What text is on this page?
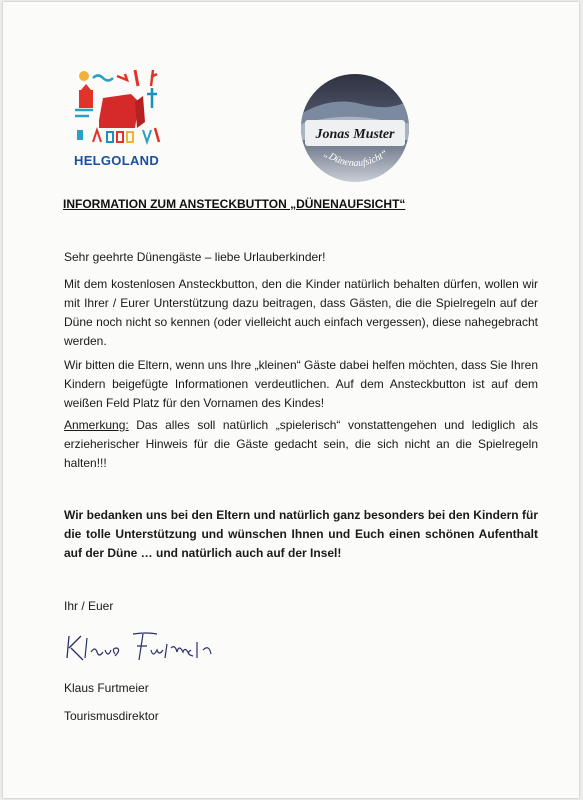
HELGOLAND
Jonas Muster
„Dünenaufsicht“
INFORMATION ZUM ANSTECKBUTTON „DÜNENAUFSICHT“

Sehr geehrte Dünengäste – liebe Urlauberkinder!

Mit dem kostenlosen Ansteckbutton, den die Kinder natürlich behalten dürfen, wollen wir mit Ihrer / Eurer Unterstützung dazu beitragen, dass Gästen, die die Spielregeln auf der Düne noch nicht so kennen (oder vielleicht auch einfach vergessen), diese nahegebracht werden.

Wir bitten die Eltern, wenn uns Ihre „kleinen“ Gäste dabei helfen möchten, dass Sie Ihren Kindern beigefügte Informationen verdeutlichen. Auf dem Ansteckbutton ist auf dem weißen Feld Platz für den Vornamen des Kindes!

Anmerkung: Das alles soll natürlich „spielerisch“ vonstattengehen und lediglich als erzieherischer Hinweis für die Gäste gedacht sein, die sich nicht an die Spielregeln halten!!!

Wir bedanken uns bei den Eltern und natürlich ganz besonders bei den Kindern für die tolle Unterstützung und wünschen Ihnen und Euch einen schönen Aufenthalt auf der Düne … und natürlich auch auf der Insel!

Ihr / Euer
Klaus Furtmeier
Tourismusdirektor
